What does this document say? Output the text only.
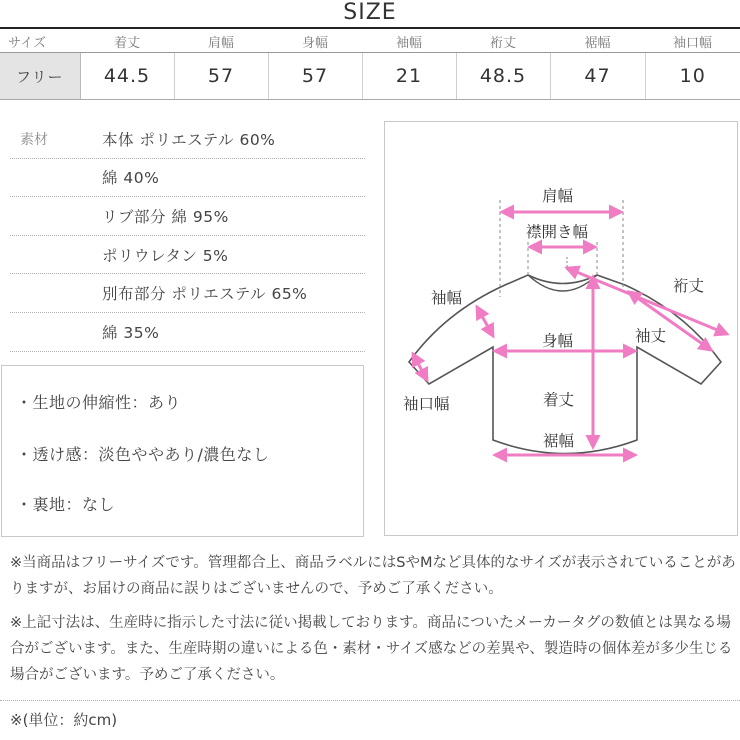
SIZE
サイズ	着丈	肩幅	身幅	袖幅	裄丈	裾幅	袖口幅
フリー	44.5	57	57	21	48.5	47	10
素材	本体 ポリエステル 60%
綿 40%
リブ部分 綿 95%
ポリウレタン 5%
別布部分 ポリエステル 65%
綿 35%
・生地の伸縮性：あり
・透け感：淡色ややあり/濃色なし
・裏地：なし
肩幅
襟開き幅
裄丈
袖幅
袖丈
身幅
袖口幅	着丈
裾幅

※当商品はフリーサイズです。管理都合上、商品ラベルにはSやMなど具体的なサイズが表示されていることがありますが、お届けの商品に誤りはございませんので、予めご了承ください。

※上記寸法は、生産時に指示した寸法に従い掲載しております。商品についたメーカータグの数値とは異なる場合がございます。また、生産時期の違いによる色・素材・サイズ感などの差異や、製造時の個体差が多少生じる場合がございます。予めご了承ください。

※(単位：約cm)
